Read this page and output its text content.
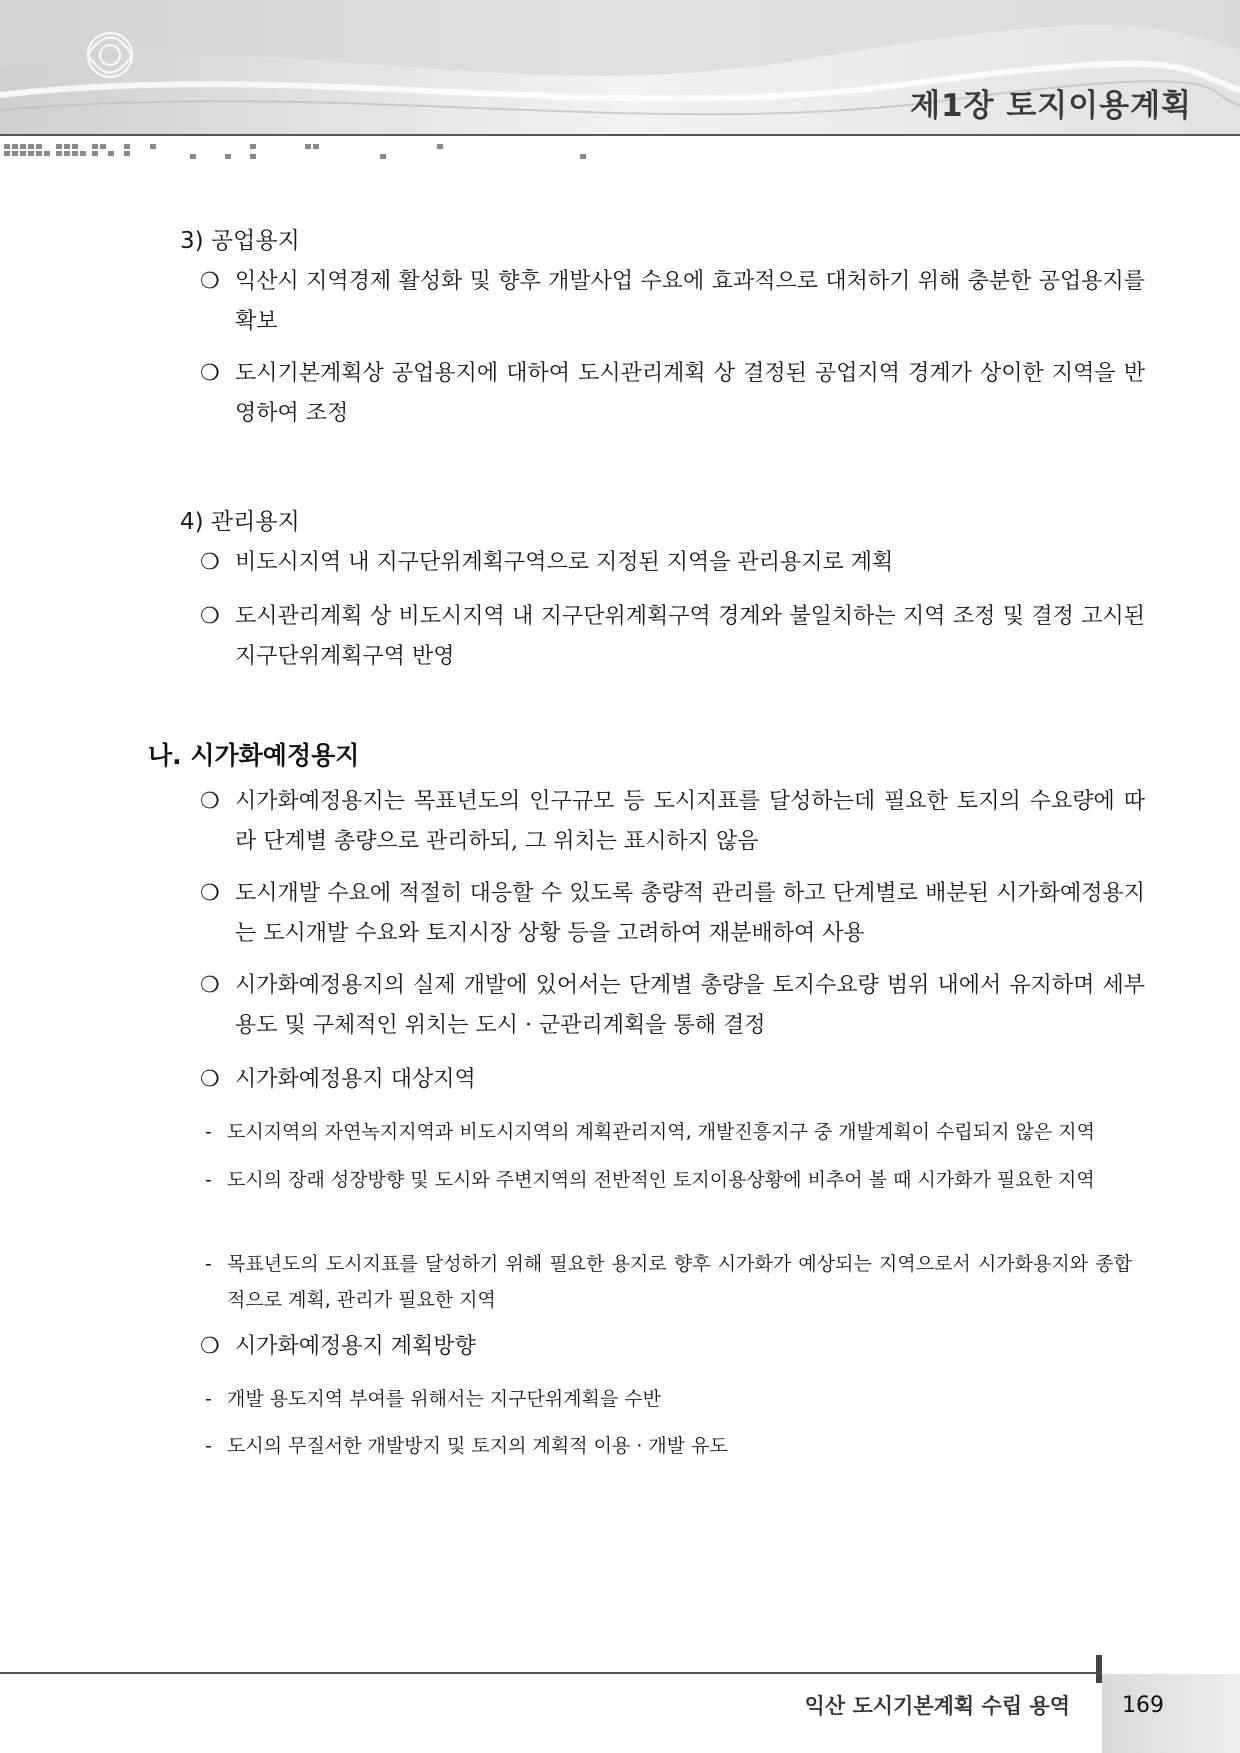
제1장 토지이용계획
3) 공업용지
❍ 익산시 지역경제 활성화 및 향후 개발사업 수요에 효과적으로 대처하기 위해 충분한 공업용지를 확보
❍ 도시기본계획상 공업용지에 대하여 도시관리계획 상 결정된 공업지역 경계가 상이한 지역을 반영하여 조정
4) 관리용지
❍ 비도시지역 내 지구단위계획구역으로 지정된 지역을 관리용지로 계획
❍ 도시관리계획 상 비도시지역 내 지구단위계획구역 경계와 불일치하는 지역 조정 및 결정 고시된 지구단위계획구역 반영
나. 시가화예정용지
❍ 시가화예정용지는 목표년도의 인구규모 등 도시지표를 달성하는데 필요한 토지의 수요량에 따라 단계별 총량으로 관리하되, 그 위치는 표시하지 않음
❍ 도시개발 수요에 적절히 대응할 수 있도록 총량적 관리를 하고 단계별로 배분된 시가화예정용지는 도시개발 수요와 토지시장 상황 등을 고려하여 재분배하여 사용
❍ 시가화예정용지의 실제 개발에 있어서는 단계별 총량을 토지수요량 범위 내에서 유지하며 세부용도 및 구체적인 위치는 도시 · 군관리계획을 통해 결정
❍ 시가화예정용지 대상지역
- 도시지역의 자연녹지지역과 비도시지역의 계획관리지역, 개발진흥지구 중 개발계획이 수립되지 않은 지역
- 도시의 장래 성장방향 및 도시와 주변지역의 전반적인 토지이용상황에 비추어 볼 때 시가화가 필요한 지역
- 목표년도의 도시지표를 달성하기 위해 필요한 용지로 향후 시가화가 예상되는 지역으로서 시가화용지와 종합적으로 계획, 관리가 필요한 지역
❍ 시가화예정용지 계획방향
- 개발 용도지역 부여를 위해서는 지구단위계획을 수반
- 도시의 무질서한 개발방지 및 토지의 계획적 이용 · 개발 유도
익산 도시기본계획 수립 용역 169
